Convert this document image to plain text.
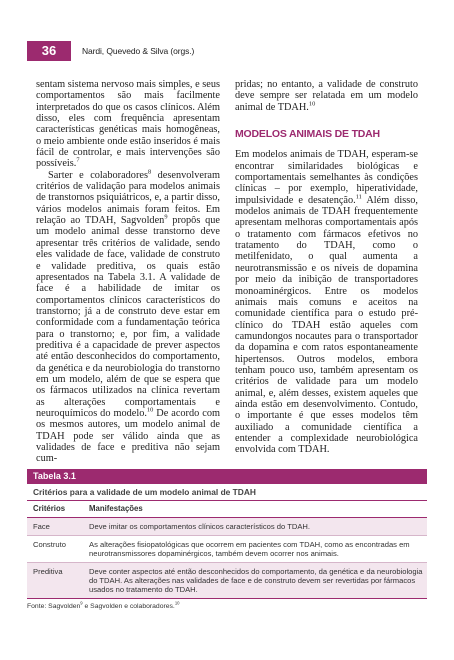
36	Nardi, Quevedo & Silva (orgs.)

sentam sistema nervoso mais simples, e seus comportamentos são mais facilmente interpretados do que os casos clínicos. Além disso, eles com frequência apresentam características genéticas mais homogêneas, o meio ambiente onde estão inseridos é mais fácil de controlar, e mais intervenções são possíveis.$^7$

Sarter e colaboradores$^8$ desenvolveram critérios de validação para modelos animais de transtornos psiquiátricos, e, a partir disso, vários modelos animais foram feitos. Em relação ao TDAH, Sagvolden$^9$ propôs que um modelo animal desse transtorno deve apresentar três critérios de validade, sendo eles validade de face, validade de construto e validade preditiva, os quais estão apresentados na Tabela 3.1. A validade de face é a habilidade de imitar os comportamentos clínicos característicos do transtorno; já a de construto deve estar em conformidade com a fundamentação teórica para o transtorno; e, por fim, a validade preditiva é a capacidade de prever aspectos até então desconhecidos do comportamento, da genética e da neurobiologia do transtorno em um modelo, além de que se espera que os fármacos utilizados na clínica revertam as alterações comportamentais e neuroquímicos do modelo.$^{10}$ De acordo com os mesmos autores, um modelo animal de TDAH pode ser válido ainda que as validades de face e preditiva não sejam cum-

pridas; no entanto, a validade de construto deve sempre ser relatada em um modelo animal de TDAH.$^{10}$

MODELOS ANIMAIS DE TDAH

Em modelos animais de TDAH, esperam-se encontrar similaridades biológicas e comportamentais semelhantes às condições clínicas – por exemplo, hiperatividade, impulsividade e desatenção.$^{11}$ Além disso, modelos animais de TDAH frequentemente apresentam melhoras comportamentais após o tratamento com fármacos efetivos no tratamento do TDAH, como o metilfenidato, o qual aumenta a neurotransmissão e os níveis de dopamina por meio da inibição de transportadores monoaminérgicos. Entre os modelos animais mais comuns e aceitos na comunidade científica para o estudo pré-clínico do TDAH estão aqueles com camundongos nocautes para o transportador da dopamina e com ratos espontaneamente hipertensos. Outros modelos, embora tenham pouco uso, também apresentam os critérios de validade para um modelo animal, e, além desses, existem aqueles que ainda estão em desenvolvimento. Contudo, o importante é que esses modelos têm auxiliado a comunidade científica a entender a complexidade neurobiológica envolvida com TDAH.

Tabela 3.1
Critérios para a validade de um modelo animal de TDAH
Critérios	Manifestações
Face	Deve imitar os comportamentos clínicos característicos do TDAH.
Construto	As alterações fisiopatológicas que ocorrem em pacientes com TDAH, como as encontradas em neurotransmissores dopaminérgicos, também devem ocorrer nos animais.
Preditiva	Deve conter aspectos até então desconhecidos do comportamento, da genética e da neurobiologia do TDAH. As alterações nas validades de face e de construto devem ser revertidas por fármacos usados no tratamento do TDAH.
Fonte: Sagvolden$^9$ e Sagvolden e colaboradores.$^{10}$
